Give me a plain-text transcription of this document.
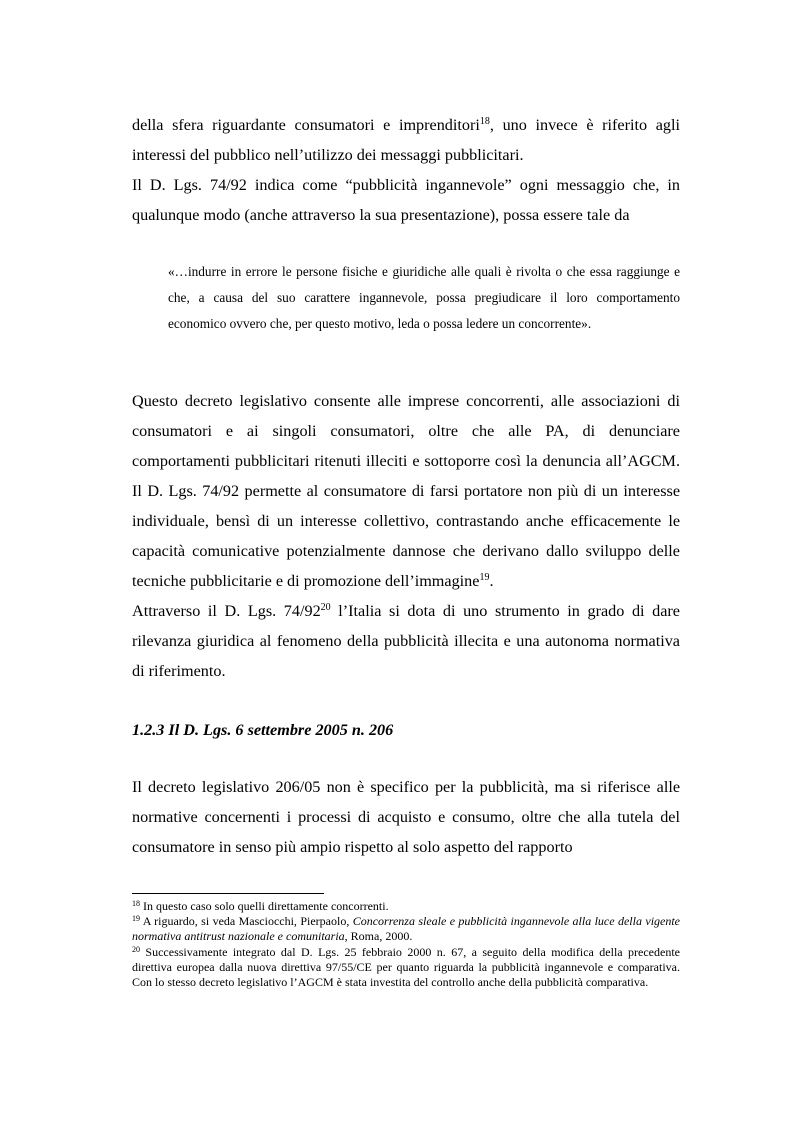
della sfera riguardante consumatori e imprenditori$^{18}$, uno invece è riferito agli interessi del pubblico nell’utilizzo dei messaggi pubblicitari.

Il D. Lgs. 74/92 indica come “pubblicità ingannevole” ogni messaggio che, in qualunque modo (anche attraverso la sua presentazione), possa essere tale da

«…indurre in errore le persone fisiche e giuridiche alle quali è rivolta o che essa raggiunge e che, a causa del suo carattere ingannevole, possa pregiudicare il loro comportamento economico ovvero che, per questo motivo, leda o possa ledere un concorrente».

Questo decreto legislativo consente alle imprese concorrenti, alle associazioni di consumatori e ai singoli consumatori, oltre che alle PA, di denunciare comportamenti pubblicitari ritenuti illeciti e sottoporre così la denuncia all’AGCM. Il D. Lgs. 74/92 permette al consumatore di farsi portatore non più di un interesse individuale, bensì di un interesse collettivo, contrastando anche efficacemente le capacità comunicative potenzialmente dannose che derivano dallo sviluppo delle tecniche pubblicitarie e di promozione dell’immagine$^{19}$.

Attraverso il D. Lgs. $74/92^{20}$ l’Italia si dota di uno strumento in grado di dare rilevanza giuridica al fenomeno della pubblicità illecita e una autonoma normativa di riferimento.

1.2.3 Il D. Lgs. 6 settembre 2005 n. 206

Il decreto legislativo 206/05 non è specifico per la pubblicità, ma si riferisce alle normative concernenti i processi di acquisto e consumo, oltre che alla tutela del consumatore in senso più ampio rispetto al solo aspetto del rapporto

$^{18}$ In questo caso solo quelli direttamente concorrenti.

$^{19}$ A riguardo, si veda Masciocchi, Pierpaolo, Concorrenza sleale e pubblicità ingannevole alla luce della vigente normativa antitrust nazionale e comunitaria, Roma, 2000.

$^{20}$ Successivamente integrato dal D. Lgs. 25 febbraio 2000 n. 67, a seguito della modifica della precedente direttiva europea dalla nuova direttiva 97/55/CE per quanto riguarda la pubblicità ingannevole e comparativa. Con lo stesso decreto legislativo l’AGCM è stata investita del controllo anche della pubblicità comparativa.
